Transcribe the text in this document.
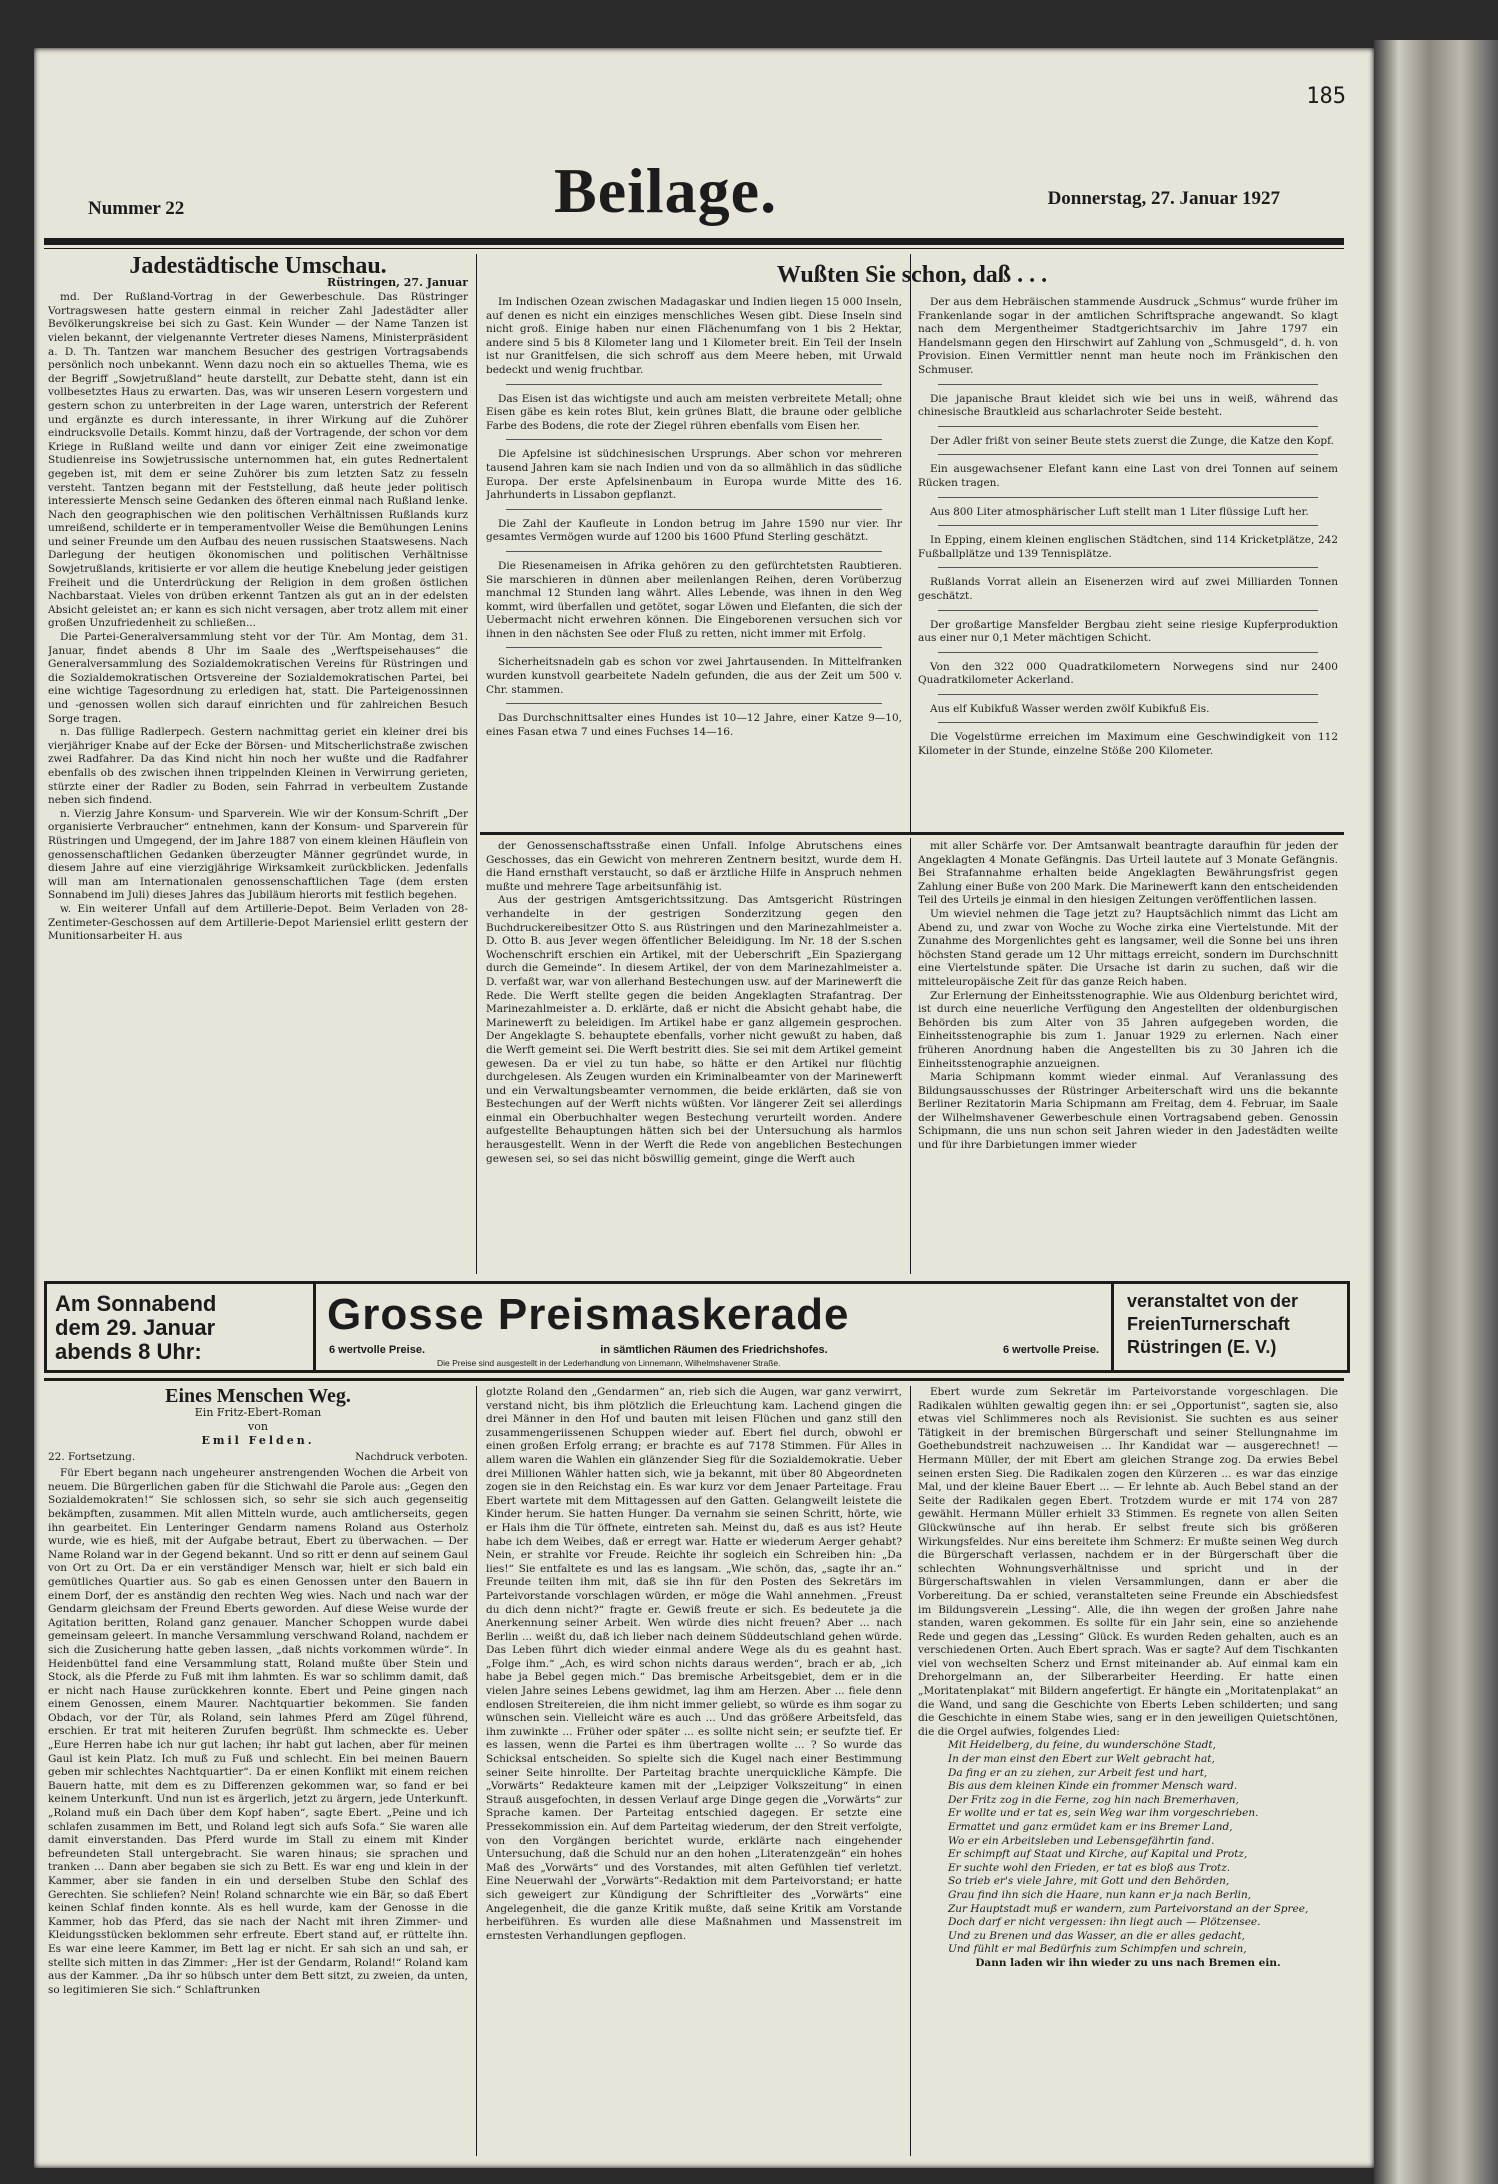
185
Nummer 22	Beilage.	Donnerstag, 27. Januar 1927
Jadestädtische Umschau.
Rüstringen, 27. Januar

md. Der Rußland-Vortrag in der Gewerbeschule. Das Rüstringer Vortragswesen hatte gestern einmal in reicher Zahl Jadestädter aller Bevölkerungskreise bei sich zu Gast. Kein Wunder — der Name Tanzen ist vielen bekannt, der vielgenannte Vertreter dieses Namens, Ministerpräsident a. D. Th. Tantzen war manchem Besucher des gestrigen Vortragsabends persönlich noch unbekannt. Wenn dazu noch ein so aktuelles Thema, wie es der Begriff „Sowjetrußland“ heute darstellt, zur Debatte steht, dann ist ein vollbesetztes Haus zu erwarten. Das, was wir unseren Lesern vorgestern und gestern schon zu unterbreiten in der Lage waren, unterstrich der Referent und ergänzte es durch interessante, in ihrer Wirkung auf die Zuhörer eindrucksvolle Details. Kommt hinzu, daß der Vortragende, der schon vor dem Kriege in Rußland weilte und dann vor einiger Zeit eine zweimonatige Studienreise ins Sowjetrussische unternommen hat, ein gutes Rednertalent gegeben ist, mit dem er seine Zuhörer bis zum letzten Satz zu fesseln versteht. Tantzen begann mit der Feststellung, daß heute jeder politisch interessierte Mensch seine Gedanken des öfteren einmal nach Rußland lenke. Nach den geographischen wie den politischen Verhältnissen Rußlands kurz umreißend, schilderte er in temperamentvoller Weise die Bemühungen Lenins und seiner Freunde um den Aufbau des neuen russischen Staatswesens. Nach Darlegung der heutigen ökonomischen und politischen Verhältnisse Sowjetrußlands, kritisierte er vor allem die heutige Knebelung jeder geistigen Freiheit und die Unterdrückung der Religion in dem großen östlichen Nachbarstaat. Vieles von drüben erkennt Tantzen als gut an in der edelsten Absicht geleistet an; er kann es sich nicht versagen, aber trotz allem mit einer großen Unzufriedenheit zu schließen...

Die Partei-Generalversammlung steht vor der Tür. Am Montag, dem 31. Januar, findet abends 8 Uhr im Saale des „Werftspeisehauses“ die Generalversammlung des Sozialdemokratischen Vereins für Rüstringen und die Sozialdemokratischen Ortsvereine der Sozialdemokratischen Partei, bei eine wichtige Tagesordnung zu erledigen hat, statt. Die Parteigenossinnen und -genossen wollen sich darauf einrichten und für zahlreichen Besuch Sorge tragen.

n. Das füllige Radlerpech. Gestern nachmittag geriet ein kleiner drei bis vierjähriger Knabe auf der Ecke der Börsen- und Mitscherlichstraße zwischen zwei Radfahrer. Da das Kind nicht hin noch her wußte und die Radfahrer ebenfalls ob des zwischen ihnen trippelnden Kleinen in Verwirrung gerieten, stürzte einer der Radler zu Boden, sein Fahrrad in verbeultem Zustande neben sich findend.

n. Vierzig Jahre Konsum- und Sparverein. Wie wir der Konsum-Schrift „Der organisierte Verbraucher“ entnehmen, kann der Konsum- und Sparverein für Rüstringen und Umgegend, der im Jahre 1887 von einem kleinen Häuflein von genossenschaftlichen Gedanken überzeugter Männer gegründet wurde, in diesem Jahre auf eine vierzigjährige Wirksamkeit zurückblicken. Jedenfalls will man am Internationalen genossenschaftlichen Tage (dem ersten Sonnabend im Juli) dieses Jahres das Jubiläum hierorts mit festlich begehen.

w. Ein weiterer Unfall auf dem Artillerie-Depot. Beim Verladen von 28-Zentimeter-Geschossen auf dem Artillerie-Depot Mariensiel erlitt gestern der Munitionsarbeiter H. aus

Wußten Sie schon, daß . . .

Im Indischen Ozean zwischen Madagaskar und Indien liegen 15 000 Inseln, auf denen es nicht ein einziges menschliches Wesen gibt. Diese Inseln sind nicht groß. Einige haben nur einen Flächenumfang von 1 bis 2 Hektar, andere sind 5 bis 8 Kilometer lang und 1 Kilometer breit. Ein Teil der Inseln ist nur Granitfelsen, die sich schroff aus dem Meere heben, mit Urwald bedeckt und wenig fruchtbar.

Das Eisen ist das wichtigste und auch am meisten verbreitete Metall; ohne Eisen gäbe es kein rotes Blut, kein grünes Blatt, die braune oder gelbliche Farbe des Bodens, die rote der Ziegel rühren ebenfalls vom Eisen her.

Die Apfelsine ist südchinesischen Ursprungs. Aber schon vor mehreren tausend Jahren kam sie nach Indien und von da so allmählich in das südliche Europa. Der erste Apfelsinenbaum in Europa wurde Mitte des 16. Jahrhunderts in Lissabon gepflanzt.

Die Zahl der Kaufleute in London betrug im Jahre 1590 nur vier. Ihr gesamtes Vermögen wurde auf 1200 bis 1600 Pfund Sterling geschätzt.

Die Riesenameisen in Afrika gehören zu den gefürchtetsten Raubtieren. Sie marschieren in dünnen aber meilenlangen Reihen, deren Vorüberzug manchmal 12 Stunden lang währt. Alles Lebende, was ihnen in den Weg kommt, wird überfallen und getötet, sogar Löwen und Elefanten, die sich der Uebermacht nicht erwehren können. Die Eingeborenen versuchen sich vor ihnen in den nächsten See oder Fluß zu retten, nicht immer mit Erfolg.

Sicherheitsnadeln gab es schon vor zwei Jahrtausenden. In Mittelfranken wurden kunstvoll gearbeitete Nadeln gefunden, die aus der Zeit um 500 v. Chr. stammen.

Das Durchschnittsalter eines Hundes ist 10—12 Jahre, einer Katze 9—10, eines Fasan etwa 7 und eines Fuchses 14—16.

Der aus dem Hebräischen stammende Ausdruck „Schmus“ wurde früher im Frankenlande sogar in der amtlichen Schriftsprache angewandt. So klagt nach dem Mergentheimer Stadtgerichtsarchiv im Jahre 1797 ein Handelsmann gegen den Hirschwirt auf Zahlung von „Schmusgeld“, d. h. von Provision. Einen Vermittler nennt man heute noch im Fränkischen den Schmuser.

Die japanische Braut kleidet sich wie bei uns in weiß, während das chinesische Brautkleid aus scharlachroter Seide besteht.

Der Adler frißt von seiner Beute stets zuerst die Zunge, die Katze den Kopf.

Ein ausgewachsener Elefant kann eine Last von drei Tonnen auf seinem Rücken tragen.

Aus 800 Liter atmosphärischer Luft stellt man 1 Liter flüssige Luft her.

In Epping, einem kleinen englischen Städtchen, sind 114 Kricketplätze, 242 Fußballplätze und 139 Tennisplätze.

Rußlands Vorrat allein an Eisenerzen wird auf zwei Milliarden Tonnen geschätzt.

Der großartige Mansfelder Bergbau zieht seine riesige Kupferproduktion aus einer nur 0,1 Meter mächtigen Schicht.

Von den 322 000 Quadratkilometern Norwegens sind nur 2400 Quadratkilometer Ackerland.

Aus elf Kubikfuß Wasser werden zwölf Kubikfuß Eis.

Die Vogelstürme erreichen im Maximum eine Geschwindigkeit von 112 Kilometer in der Stunde, einzelne Stöße 200 Kilometer.

der Genossenschaftsstraße einen Unfall. Infolge Abrutschens eines Geschosses, das ein Gewicht von mehreren Zentnern besitzt, wurde dem H. die Hand ernsthaft verstaucht, so daß er ärztliche Hilfe in Anspruch nehmen mußte und mehrere Tage arbeitsunfähig ist.

Aus der gestrigen Amtsgerichtssitzung. Das Amtsgericht Rüstringen verhandelte in der gestrigen Sonderzitzung gegen den Buchdruckereibesitzer Otto S. aus Rüstringen und den Marinezahlmeister a. D. Otto B. aus Jever wegen öffentlicher Beleidigung. Im Nr. 18 der S.schen Wochenschrift erschien ein Artikel, mit der Ueberschrift „Ein Spaziergang durch die Gemeinde“. In diesem Artikel, der von dem Marinezahlmeister a. D. verfaßt war, war von allerhand Bestechungen usw. auf der Marinewerft die Rede. Die Werft stellte gegen die beiden Angeklagten Strafantrag. Der Marinezahlmeister a. D. erklärte, daß er nicht die Absicht gehabt habe, die Marinewerft zu beleidigen. Im Artikel habe er ganz allgemein gesprochen. Der Angeklagte S. behauptete ebenfalls, vorher nicht gewußt zu haben, daß die Werft gemeint sei. Die Werft bestritt dies. Sie sei mit dem Artikel gemeint gewesen. Da er viel zu tun habe, so hätte er den Artikel nur flüchtig durchgelesen. Als Zeugen wurden ein Kriminalbeamter von der Marinewerft und ein Verwaltungsbeamter vernommen, die beide erklärten, daß sie von Bestechungen auf der Werft nichts wüßten. Vor längerer Zeit sei allerdings einmal ein Oberbuchhalter wegen Bestechung verurteilt worden. Andere aufgestellte Behauptungen hätten sich bei der Untersuchung als harmlos herausgestellt. Wenn in der Werft die Rede von angeblichen Bestechungen gewesen sei, so sei das nicht böswillig gemeint, ginge die Werft auch

mit aller Schärfe vor. Der Amtsanwalt beantragte daraufhin für jeden der Angeklagten 4 Monate Gefängnis. Das Urteil lautete auf 3 Monate Gefängnis. Bei Strafannahme erhalten beide Angeklagten Bewährungsfrist gegen Zahlung einer Buße von 200 Mark. Die Marinewerft kann den entscheidenden Teil des Urteils je einmal in den hiesigen Zeitungen veröffentlichen lassen.

Um wieviel nehmen die Tage jetzt zu? Hauptsächlich nimmt das Licht am Abend zu, und zwar von Woche zu Woche zirka eine Viertelstunde. Mit der Zunahme des Morgenlichtes geht es langsamer, weil die Sonne bei uns ihren höchsten Stand gerade um 12 Uhr mittags erreicht, sondern im Durchschnitt eine Viertelstunde später. Die Ursache ist darin zu suchen, daß wir die mitteleuropäische Zeit für das ganze Reich haben.

Zur Erlernung der Einheitsstenographie. Wie aus Oldenburg berichtet wird, ist durch eine neuerliche Verfügung den Angestellten der oldenburgischen Behörden bis zum Alter von 35 Jahren aufgegeben worden, die Einheitsstenographie bis zum 1. Januar 1929 zu erlernen. Nach einer früheren Anordnung haben die Angestellten bis zu 30 Jahren ich die Einheitsstenographie anzueignen.

Maria Schipmann kommt wieder einmal. Auf Veranlassung des Bildungsausschusses der Rüstringer Arbeiterschaft wird uns die bekannte Berliner Rezitatorin Maria Schipmann am Freitag, dem 4. Februar, im Saale der Wilhelmshavener Gewerbeschule einen Vortragsabend geben. Genossin Schipmann, die uns nun schon seit Jahren wieder in den Jadestädten weilte und für ihre Darbietungen immer wieder

Am Sonnabend
dem 29. Januar
abends 8 Uhr:
Grosse Preismaskerade
6 wertvolle Preise.	in sämtlichen Räumen des Friedrichshofes.	6 wertvolle Preise.
Die Preise sind ausgestellt in der Lederhandlung von Linnemann, Wilhelmshavener Straße.
veranstaltet von der
FreienTurnerschaft
Rüstringen (E. V.)
Eines Menschen Weg.
Ein Fritz-Ebert-Roman
von
Emil Felden.
22. Fortsetzung.	Nachdruck verboten.

Für Ebert begann nach ungeheurer anstrengenden Wochen die Arbeit von neuem. Die Bürgerlichen gaben für die Stichwahl die Parole aus: „Gegen den Sozialdemokraten!“ Sie schlossen sich, so sehr sie sich auch gegenseitig bekämpften, zusammen. Mit allen Mitteln wurde, auch amtlicherseits, gegen ihn gearbeitet. Ein Lenteringer Gendarm namens Roland aus Osterholz wurde, wie es hieß, mit der Aufgabe betraut, Ebert zu überwachen. — Der Name Roland war in der Gegend bekannt. Und so ritt er denn auf seinem Gaul von Ort zu Ort. Da er ein verständiger Mensch war, hielt er sich bald ein gemütliches Quartier aus. So gab es einen Genossen unter den Bauern in einem Dorf, der es anständig den rechten Weg wies. Nach und nach war der Gendarm gleichsam der Freund Eberts geworden. Auf diese Weise wurde der Agitation beritten, Roland ganz genauer. Mancher Schoppen wurde dabei gemeinsam geleert. In manche Versammlung verschwand Roland, nachdem er sich die Zusicherung hatte geben lassen, „daß nichts vorkommen würde“. In Heidenbüttel fand eine Versammlung statt, Roland mußte über Stein und Stock, als die Pferde zu Fuß mit ihm lahmten. Es war so schlimm damit, daß er nicht nach Hause zurückkehren konnte. Ebert und Peine gingen nach einem Genossen, einem Maurer. Nachtquartier bekommen. Sie fanden Obdach, vor der Tür, als Roland, sein lahmes Pferd am Zügel führend, erschien. Er trat mit heiteren Zurufen begrüßt. Ihm schmeckte es. Ueber „Eure Herren habe ich nur gut lachen; ihr habt gut lachen, aber für meinen Gaul ist kein Platz. Ich muß zu Fuß und schlecht. Ein bei meinen Bauern geben mir schlechtes Nachtquartier“. Da er einen Konflikt mit einem reichen Bauern hatte, mit dem es zu Differenzen gekommen war, so fand er bei keinem Unterkunft. Und nun ist es ärgerlich, jetzt zu ärgern, jede Unterkunft. „Roland muß ein Dach über dem Kopf haben“, sagte Ebert. „Peine und ich schlafen zusammen im Bett, und Roland legt sich aufs Sofa.“ Sie waren alle damit einverstanden. Das Pferd wurde im Stall zu einem mit Kinder befreundeten Stall untergebracht. Sie waren hinaus; sie sprachen und tranken ... Dann aber begaben sie sich zu Bett. Es war eng und klein in der Kammer, aber sie fanden in ein und derselben Stube den Schlaf des Gerechten. Sie schliefen? Nein! Roland schnarchte wie ein Bär, so daß Ebert keinen Schlaf finden konnte. Als es hell wurde, kam der Genosse in die Kammer, hob das Pferd, das sie nach der Nacht mit ihren Zimmer- und Kleidungsstücken beklommen sehr erfreute. Ebert stand auf, er rüttelte ihn. Es war eine leere Kammer, im Bett lag er nicht. Er sah sich an und sah, er stellte sich mitten in das Zimmer: „Her ist der Gendarm, Roland!“ Roland kam aus der Kammer. „Da ihr so hübsch unter dem Bett sitzt, zu zweien, da unten, so legitimieren Sie sich.“ Schlaftrunken

glotzte Roland den „Gendarmen“ an, rieb sich die Augen, war ganz verwirrt, verstand nicht, bis ihm plötzlich die Erleuchtung kam. Lachend gingen die drei Männer in den Hof und bauten mit leisen Flüchen und ganz still den zusammengeriissenen Schuppen wieder auf. Ebert fiel durch, obwohl er einen großen Erfolg errang; er brachte es auf 7178 Stimmen. Für Alles in allem waren die Wahlen ein glänzender Sieg für die Sozialdemokratie. Ueber drei Millionen Wähler hatten sich, wie ja bekannt, mit über 80 Abgeordneten zogen sie in den Reichstag ein. Es war kurz vor dem Jenaer Parteitage. Frau Ebert wartete mit dem Mittagessen auf den Gatten. Gelangweilt leistete die Kinder herum. Sie hatten Hunger. Da vernahm sie seinen Schritt, hörte, wie er Hals ihm die Tür öffnete, eintreten sah. Meinst du, daß es aus ist? Heute habe ich dem Weibes, daß er erregt war. Hatte er wiederum Aerger gehabt? Nein, er strahlte vor Freude. Reichte ihr sogleich ein Schreiben hin: „Da lies!“ Sie entfaltete es und las es langsam. „Wie schön, das, „sagte ihr an.“ Freunde teilten ihm mit, daß sie ihn für den Posten des Sekretärs im Parteivorstande vorschlagen würden, er möge die Wahl annehmen. „Freust du dich denn nicht?“ fragte er. Gewiß freute er sich. Es bedeutete ja die Anerkennung seiner Arbeit. Wen würde dies nicht freuen? Aber ... nach Berlin ... weißt du, daß ich lieber nach deinem Süddeutschland gehen würde. Das Leben führt dich wieder einmal andere Wege als du es geahnt hast. „Folge ihm.“ „Ach, es wird schon nichts daraus werden“, brach er ab, „ich habe ja Bebel gegen mich.“ Das bremische Arbeitsgebiet, dem er in die vielen Jahre seines Lebens gewidmet, lag ihm am Herzen. Aber ... fiele denn endlosen Streitereien, die ihm nicht immer geliebt, so würde es ihm sogar zu wünschen sein. Vielleicht wäre es auch ... Und das größere Arbeitsfeld, das ihm zuwinkte ... Früher oder später ... es sollte nicht sein; er seufzte tief. Er es lassen, wenn die Partei es ihm übertragen wollte ... ? So wurde das Schicksal entscheiden. So spielte sich die Kugel nach einer Bestimmung seiner Seite hinrollte. Der Parteitag brachte unerquickliche Kämpfe. Die „Vorwärts“ Redakteure kamen mit der „Leipziger Volkszeitung“ in einen Strauß ausgefochten, in dessen Verlauf arge Dinge gegen die „Vorwärts“ zur Sprache kamen. Der Parteitag entschied dagegen. Er setzte eine Pressekommission ein. Auf dem Parteitag wiederum, der den Streit verfolgte, von den Vorgängen berichtet wurde, erklärte nach eingehender Untersuchung, daß die Schuld nur an den hohen „Literatenzgeän“ ein hohes Maß des „Vorwärts“ und des Vorstandes, mit alten Gefühlen tief verletzt. Eine Neuerwahl der „Vorwärts“-Redaktion mit dem Parteivorstand; er hatte sich geweigert zur Kündigung der Schriftleiter des „Vorwärts“ eine Angelegenheit, die die ganze Kritik mußte, daß seine Kritik am Vorstande herbeiführen. Es wurden alle diese Maßnahmen und Massenstreit im ernstesten Verhandlungen gepflogen.

Ebert wurde zum Sekretär im Parteivorstande vorgeschlagen. Die Radikalen wühlten gewaltig gegen ihn: er sei „Opportunist“, sagten sie, also etwas viel Schlimmeres noch als Revisionist. Sie suchten es aus seiner Tätigkeit in der bremischen Bürgerschaft und seiner Stellungnahme im Goethebundstreit nachzuweisen ... Ihr Kandidat war — ausgerechnet! — Hermann Müller, der mit Ebert am gleichen Strange zog. Da erwies Bebel seinen ersten Sieg. Die Radikalen zogen den Kürzeren ... es war das einzige Mal, und der kleine Bauer Ebert ... — Er lehnte ab. Auch Bebel stand an der Seite der Radikalen gegen Ebert. Trotzdem wurde er mit 174 von 287 gewählt. Hermann Müller erhielt 33 Stimmen. Es regnete von allen Seiten Glückwünsche auf ihn herab. Er selbst freute sich bis größeren Wirkungsfeldes. Nur eins bereitete ihm Schmerz: Er mußte seinen Weg durch die Bürgerschaft verlassen, nachdem er in der Bürgerschaft über die schlechten Wohnungsverhältnisse und spricht und in der Bürgerschaftswahlen in vielen Versammlungen, dann er aber die Vorbereitung. Da er schied, veranstalteten seine Freunde ein Abschiedsfest im Bildungsverein „Lessing“. Alle, die ihn wegen der großen Jahre nahe standen, waren gekommen. Es sollte für ein Jahr sein, eine so anziehende Rede und gegen das „Lessing“ Glück. Es wurden Reden gehalten, auch es an verschiedenen Orten. Auch Ebert sprach. Was er sagte? Auf dem Tischkanten viel von wechselten Scherz und Ernst miteinander ab. Auf einmal kam ein Drehorgelmann an, der Silberarbeiter Heerding. Er hatte einen „Moritatenplakat“ mit Bildern angefertigt. Er hängte ein „Moritatenplakat“ an die Wand, und sang die Geschichte von Eberts Leben schilderten; und sang die Geschichte in einem Stabe wies, sang er in den jeweiligen Quietschtönen, die die Orgel aufwies, folgendes Lied:

Mit Heidelberg, du feine, du wunderschöne Stadt,
In der man einst den Ebert zur Welt gebracht hat,
Da fing er an zu ziehen, zur Arbeit fest und hart,
Bis aus dem kleinen Kinde ein frommer Mensch ward.
Der Fritz zog in die Ferne, zog hin nach Bremerhaven,
Er wollte und er tat es, sein Weg war ihm vorgeschrieben.
Ermattet und ganz ermüdet kam er ins Bremer Land,
Wo er ein Arbeitsleben und Lebensgefährtin fand.
Er schimpft auf Staat und Kirche, auf Kapital und Protz,
Er suchte wohl den Frieden, er tat es bloß aus Trotz.
So trieb er's viele Jahre, mit Gott und den Behörden,
Grau find ihn sich die Haare, nun kann er ja nach Berlin,
Zur Hauptstadt muß er wandern, zum Parteivorstand an der Spree,
Doch darf er nicht vergessen: ihn liegt auch — Plötzensee.
Und zu Brenen und das Wasser, an die er alles gedacht,
Und fühlt er mal Bedürfnis zum Schimpfen und schrein,
Dann laden wir ihn wieder zu uns nach Bremen ein.
